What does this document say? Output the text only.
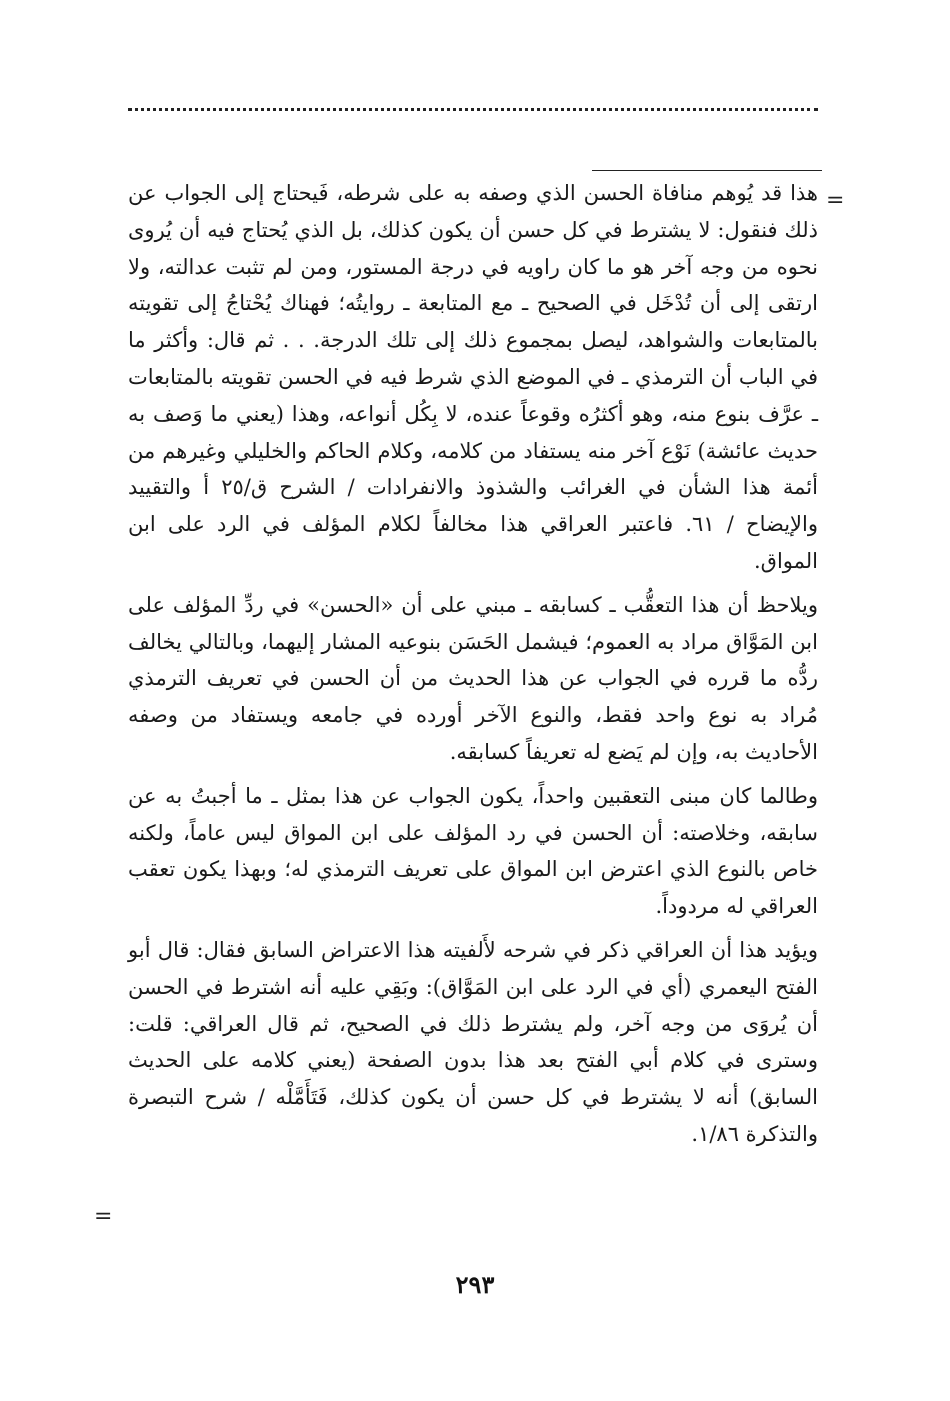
=

هذا قد يُوهم منافاة الحسن الذي وصفه به على شرطه، فَيحتاج إلى الجواب عن ذلك فنقول: لا يشترط في كل حسن أن يكون كذلك، بل الذي يُحتاج فيه أن يُروى نحوه من وجه آخر هو ما كان راويه في درجة المستور، ومن لم تثبت عدالته، ولا ارتقى إلى أن تُدْخَل في الصحيح ـ مع المتابعة ـ روايتُه؛ فهناك يُحْتاجُ إلى تقويته بالمتابعات والشواهد، ليصل بمجموع ذلك إلى تلك الدرجة. . . ثم قال: وأكثر ما في الباب أن الترمذي ـ في الموضع الذي شرط فيه في الحسن تقويته بالمتابعات ـ عرَّف بنوع منه، وهو أكثرُه وقوعاً عنده، لا بِكُل أنواعه، وهذا (يعني ما وَصف به حديث عائشة) نَوْع آخر منه يستفاد من كلامه، وكلام الحاكم والخليلي وغيرهم من أئمة هذا الشأن في الغرائب والشذوذ والانفرادات / الشرح ق/٢٥ أ والتقييد والإيضاح / ٦١. فاعتبر العراقي هذا مخالفاً لكلام المؤلف في الرد على ابن المواق.

ويلاحظ أن هذا التعقُّب ـ كسابقه ـ مبني على أن «الحسن» في ردِّ المؤلف على ابن المَوَّاق مراد به العموم؛ فيشمل الحَسَن بنوعيه المشار إليهما، وبالتالي يخالف ردُّه ما قرره في الجواب عن هذا الحديث من أن الحسن في تعريف الترمذي مُراد به نوع واحد فقط، والنوع الآخر أورده في جامعه ويستفاد من وصفه الأحاديث به، وإن لم يَضع له تعريفاً كسابقه.

وطالما كان مبنى التعقبين واحداً، يكون الجواب عن هذا بمثل ـ ما أجبتُ به عن سابقه، وخلاصته: أن الحسن في رد المؤلف على ابن المواق ليس عاماً، ولكنه خاص بالنوع الذي اعترض ابن المواق على تعريف الترمذي له؛ وبهذا يكون تعقب العراقي له مردوداً.

ويؤيد هذا أن العراقي ذكر في شرحه لأَلفيته هذا الاعتراض السابق فقال: قال أبو الفتح اليعمري (أي في الرد على ابن المَوَّاق): وبَقِي عليه أنه اشترط في الحسن أن يُروَى من وجه آخر، ولم يشترط ذلك في الصحيح، ثم قال العراقي: قلت: وسترى في كلام أبي الفتح بعد هذا بدون الصفحة (يعني كلامه على الحديث السابق) أنه لا يشترط في كل حسن أن يكون كذلك، فَتَأَمَّلْه / شرح التبصرة والتذكرة ١/٨٦.

=
٢٩٣
